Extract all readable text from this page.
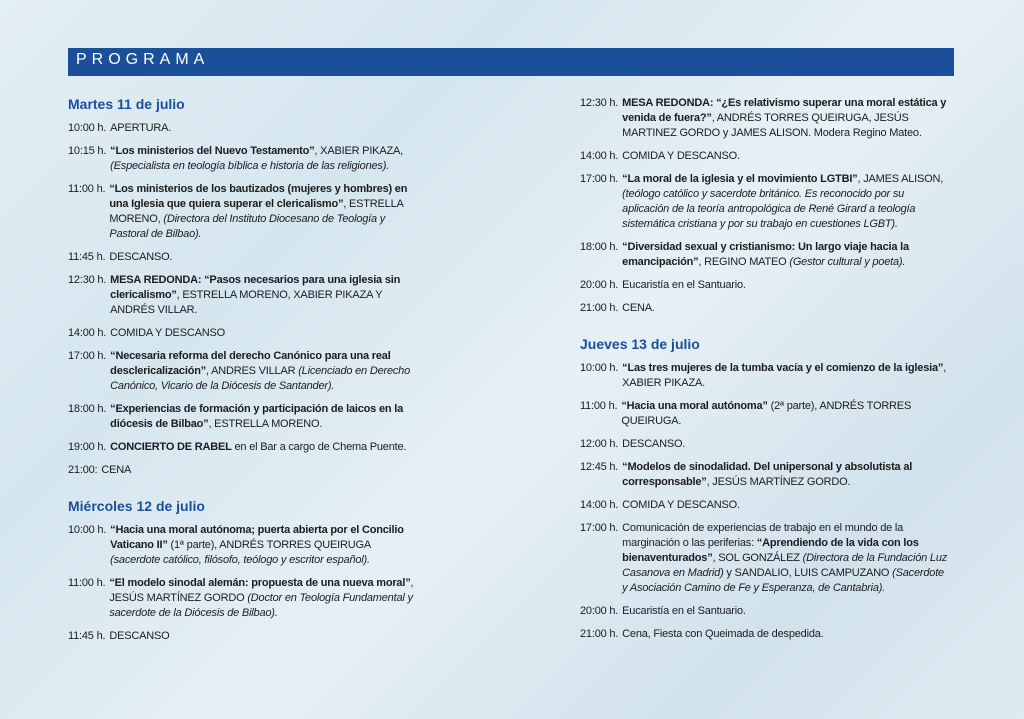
PROGRAMA
Martes 11 de julio
10:00 h. APERTURA.
10:15 h. “Los ministerios del Nuevo Testamento”, XABIER PIKAZA, (Especialista en teología bíblica e historia de las religiones).
11:00 h. “Los ministerios de los bautizados (mujeres y hombres) en una Iglesia que quiera superar el clericalismo”, ESTRELLA MORENO, (Directora del Instituto Diocesano de Teología y Pastoral de Bilbao).
11:45 h. DESCANSO.
12:30 h. MESA REDONDA: “Pasos necesarios para una iglesia sin clericalismo”, ESTRELLA MORENO, XABIER PIKAZA Y ANDRÉS VILLAR.
14:00 h. COMIDA Y DESCANSO
17:00 h. “Necesaria reforma del derecho Canónico para una real desclericalización”, ANDRES VILLAR (Licenciado en Derecho Canónico, Vicario de la Diócesis de Santander).
18:00 h. “Experiencias de formación y participación de laicos en la diócesis de Bilbao”, ESTRELLA MORENO.
19:00 h. CONCIERTO DE RABEL en el Bar a cargo de Chema Puente.
21:00: CENA
Miércoles 12 de julio
10:00 h. “Hacia una moral autónoma; puerta abierta por el Concilio Vaticano II” (1ª parte), ANDRÉS TORRES QUEIRUGA (sacerdote católico, filósofo, teólogo y escritor español).
11:00 h. “El modelo sinodal alemán: propuesta de una nueva moral”, JESÚS MARTÍNEZ GORDO (Doctor en Teología Fundamental y sacerdote de la Diócesis de Bilbao).
11:45 h. DESCANSO
12:30 h. MESA REDONDA: “¿Es relativismo superar una moral estática y venida de fuera?”, ANDRÉS TORRES QUEIRUGA, JESÚS MARTINEZ GORDO y JAMES ALISON. Modera Regino Mateo.
14:00 h. COMIDA Y DESCANSO.
17:00 h. “La moral de la iglesia y el movimiento LGTBI”, JAMES ALISON, (teólogo católico y sacerdote británico. Es reconocido por su aplicación de la teoría antropológica de René Girard a teología sistemática cristiana y por su trabajo en cuestiones LGBT).
18:00 h. “Diversidad sexual y cristianismo: Un largo viaje hacia la emancipación”, REGINO MATEO (Gestor cultural y poeta).
20:00 h. Eucaristía en el Santuario.
21:00 h. CENA.
Jueves 13 de julio
10:00 h. “Las tres mujeres de la tumba vacía y el comienzo de la iglesia”, XABIER PIKAZA.
11:00 h. “Hacia una moral autónoma” (2ª parte), ANDRÉS TORRES QUEIRUGA.
12:00 h. DESCANSO.
12:45 h. “Modelos de sinodalidad. Del unipersonal y absolutista al corresponsable”, JESÚS MARTÍNEZ GORDO.
14:00 h. COMIDA Y DESCANSO.
17:00 h. Comunicación de experiencias de trabajo en el mundo de la marginación o las periferias: “Aprendiendo de la vida con los bienaventurados”, SOL GONZÁLEZ (Directora de la Fundación Luz Casanova en Madrid) y SANDALIO, LUIS CAMPUZANO (Sacerdote y Asociación Camino de Fe y Esperanza, de Cantabria).
20:00 h. Eucaristía en el Santuario.
21:00 h. Cena, Fiesta con Queimada de despedida.
